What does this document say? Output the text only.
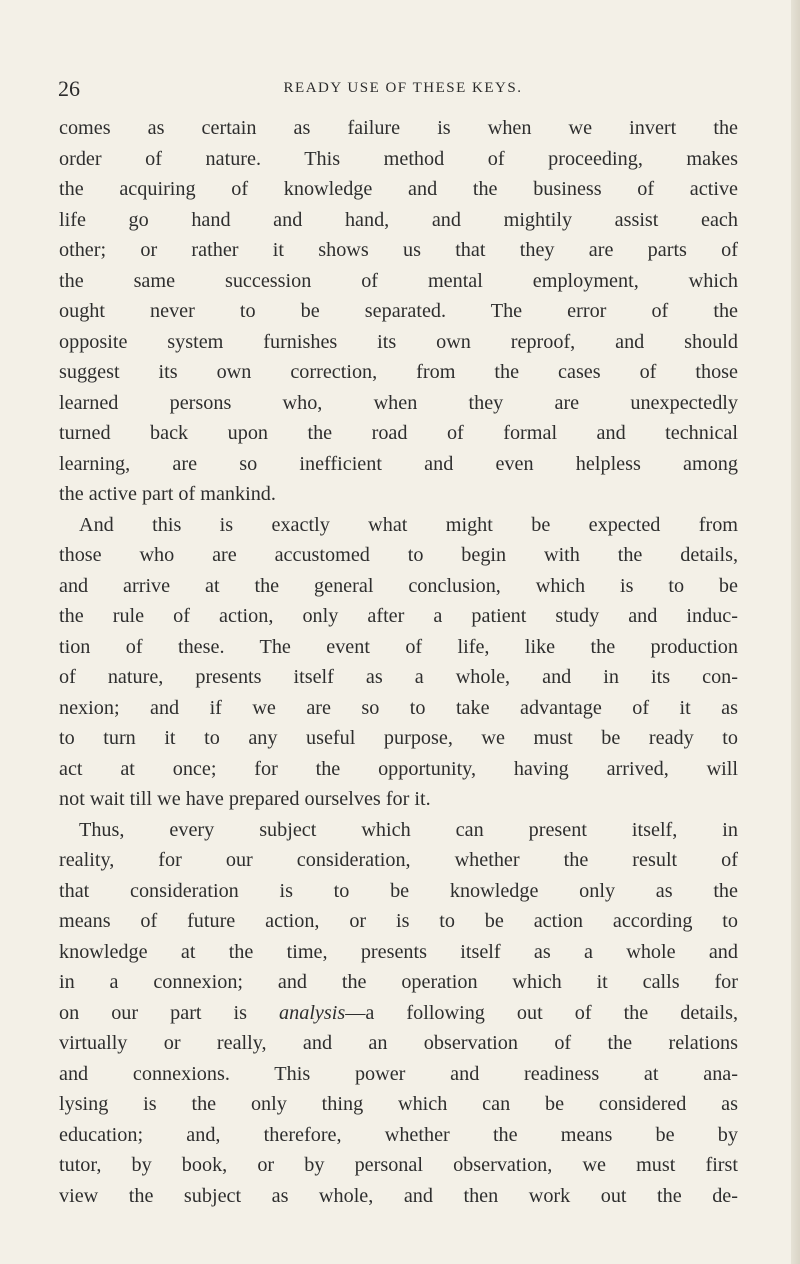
26	READY USE OF THESE KEYS.
comes as certain as failure is when we invert the
order of nature. This method of proceeding, makes
the acquiring of knowledge and the business of active
life go hand and hand, and mightily assist each
other; or rather it shows us that they are parts of
the same succession of mental employment, which
ought never to be separated. The error of the
opposite system furnishes its own reproof, and should
suggest its own correction, from the cases of those
learned persons who, when they are unexpectedly
turned back upon the road of formal and technical
learning, are so inefficient and even helpless among
the active part of mankind.
And this is exactly what might be expected from
those who are accustomed to begin with the details,
and arrive at the general conclusion, which is to be
the rule of action, only after a patient study and induc-
tion of these. The event of life, like the production
of nature, presents itself as a whole, and in its con-
nexion; and if we are so to take advantage of it as
to turn it to any useful purpose, we must be ready to
act at once; for the opportunity, having arrived, will
not wait till we have prepared ourselves for it.
Thus, every subject which can present itself, in
reality, for our consideration, whether the result of
that consideration is to be knowledge only as the
means of future action, or is to be action according to
knowledge at the time, presents itself as a whole and
in a connexion; and the operation which it calls for
on our part is analysis—a following out of the details,
virtually or really, and an observation of the relations
and connexions. This power and readiness at ana-
lysing is the only thing which can be considered as
education; and, therefore, whether the means be by
tutor, by book, or by personal observation, we must first
view the subject as whole, and then work out the de-
